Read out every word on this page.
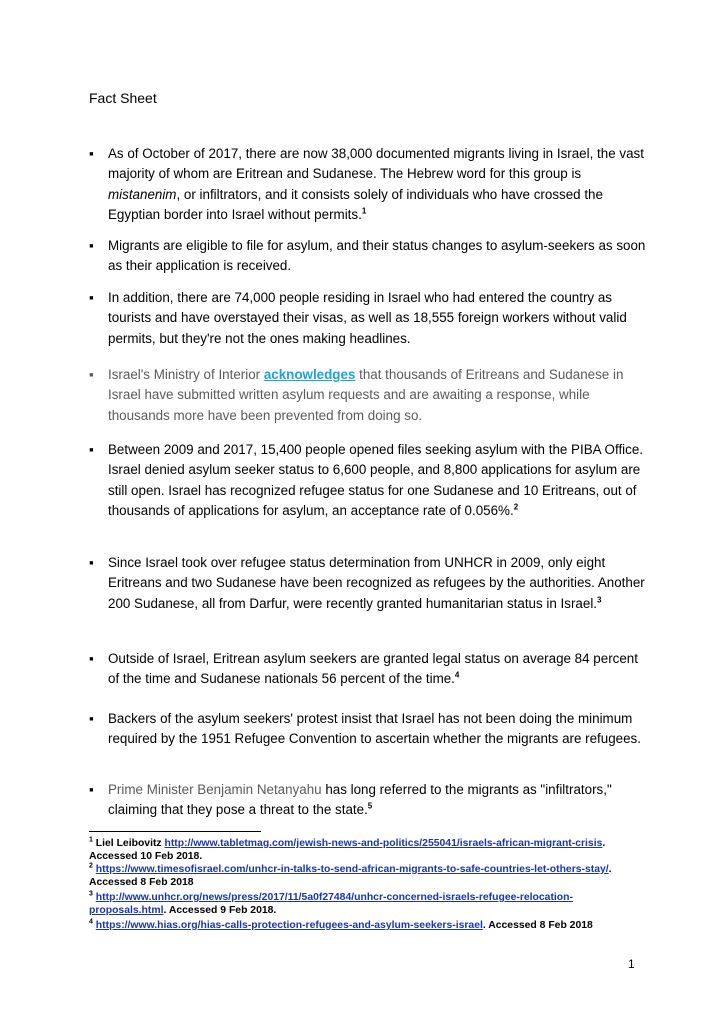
Fact Sheet
▪	As of October of 2017, there are now 38,000 documented migrants living in Israel, the vast majority of whom are Eritrean and Sudanese. The Hebrew word for this group is mistanenim, or infiltrators, and it consists solely of individuals who have crossed the Egyptian border into Israel without permits.$^1$
▪	Migrants are eligible to file for asylum, and their status changes to asylum-seekers as soon as their application is received.
▪	In addition, there are 74,000 people residing in Israel who had entered the country as tourists and have overstayed their visas, as well as 18,555 foreign workers without valid permits, but they're not the ones making headlines.
▪	Israel's Ministry of Interior acknowledges that thousands of Eritreans and Sudanese in Israel have submitted written asylum requests and are awaiting a response, while thousands more have been prevented from doing so.
▪	Between 2009 and 2017, 15,400 people opened files seeking asylum with the PIBA Office. Israel denied asylum seeker status to 6,600 people, and 8,800 applications for asylum are still open. Israel has recognized refugee status for one Sudanese and 10 Eritreans, out of thousands of applications for asylum, an acceptance rate of 0.056%.$^2$
▪	Since Israel took over refugee status determination from UNHCR in 2009, only eight Eritreans and two Sudanese have been recognized as refugees by the authorities. Another 200 Sudanese, all from Darfur, were recently granted humanitarian status in Israel.$^3$
▪	Outside of Israel, Eritrean asylum seekers are granted legal status on average 84 percent of the time and Sudanese nationals 56 percent of the time.$^4$
▪	Backers of the asylum seekers' protest insist that Israel has not been doing the minimum required by the 1951 Refugee Convention to ascertain whether the migrants are refugees.
▪	Prime Minister Benjamin Netanyahu has long referred to the migrants as "infiltrators," claiming that they pose a threat to the state.$^5$
$^1$ Liel Leibovitz http://www.tabletmag.com/jewish-news-and-politics/255041/israels-african-migrant-crisis. Accessed 10 Feb 2018.
$^2$ https://www.timesofisrael.com/unhcr-in-talks-to-send-african-migrants-to-safe-countries-let-others-stay/. Accessed 8 Feb 2018
$^3$ http://www.unhcr.org/news/press/2017/11/5a0f27484/unhcr-concerned-israels-refugee-relocation-proposals.html. Accessed 9 Feb 2018.
$^4$ https://www.hias.org/hias-calls-protection-refugees-and-asylum-seekers-israel. Accessed 8 Feb 2018
1
